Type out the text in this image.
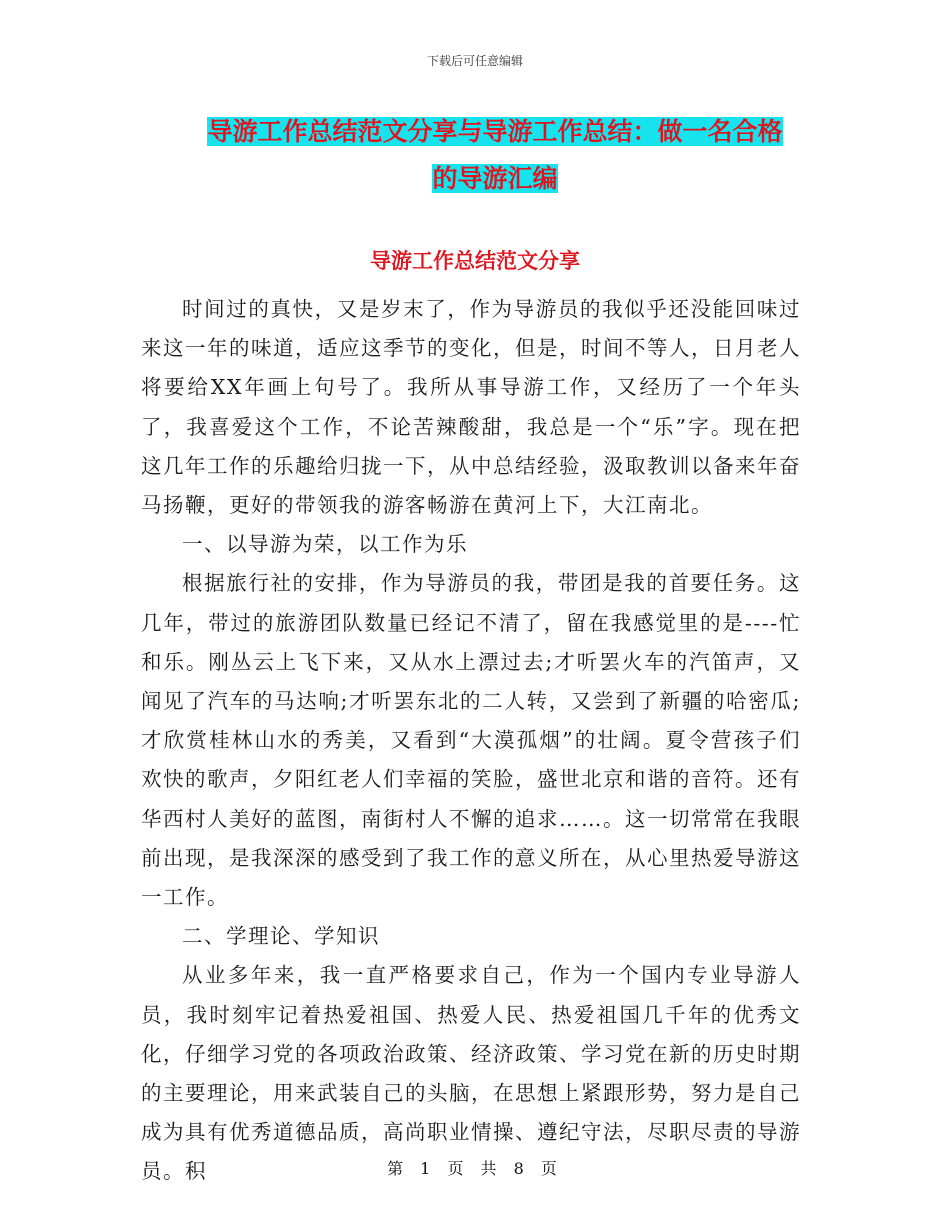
下载后可任意编辑
导游工作总结范文分享与导游工作总结：做一名合格
的导游汇编
导游工作总结范文分享

时间过的真快，又是岁末了，作为导游员的我似乎还没能回味过来这一年的味道，适应这季节的变化，但是，时间不等人，日月老人将要给XX年画上句号了。我所从事导游工作，又经历了一个年头了，我喜爱这个工作，不论苦辣酸甜，我总是一个“乐”字。现在把这几年工作的乐趣给归拢一下，从中总结经验，汲取教训以备来年奋马扬鞭，更好的带领我的游客畅游在黄河上下，大江南北。

一、以导游为荣，以工作为乐

根据旅行社的安排，作为导游员的我，带团是我的首要任务。这几年，带过的旅游团队数量已经记不清了，留在我感觉里的是----忙和乐。刚丛云上飞下来，又从水上漂过去;才听罢火车的汽笛声，又闻见了汽车的马达响;才听罢东北的二人转，又尝到了新疆的哈密瓜;才欣赏桂林山水的秀美，又看到“大漠孤烟”的壮阔。夏令营孩子们欢快的歌声，夕阳红老人们幸福的笑脸，盛世北京和谐的音符。还有华西村人美好的蓝图，南街村人不懈的追求……。这一切常常在我眼前出现，是我深深的感受到了我工作的意义所在，从心里热爱导游这一工作。

二、学理论、学知识

从业多年来，我一直严格要求自己，作为一个国内专业导游人员，我时刻牢记着热爱祖国、热爱人民、热爱祖国几千年的优秀文化，仔细学习党的各项政治政策、经济政策、学习党在新的历史时期的主要理论，用来武装自己的头脑，在思想上紧跟形势，努力是自己成为具有优秀道德品质，高尚职业情操、遵纪守法，尽职尽责的导游员。积	第 1 页 共 8 页
